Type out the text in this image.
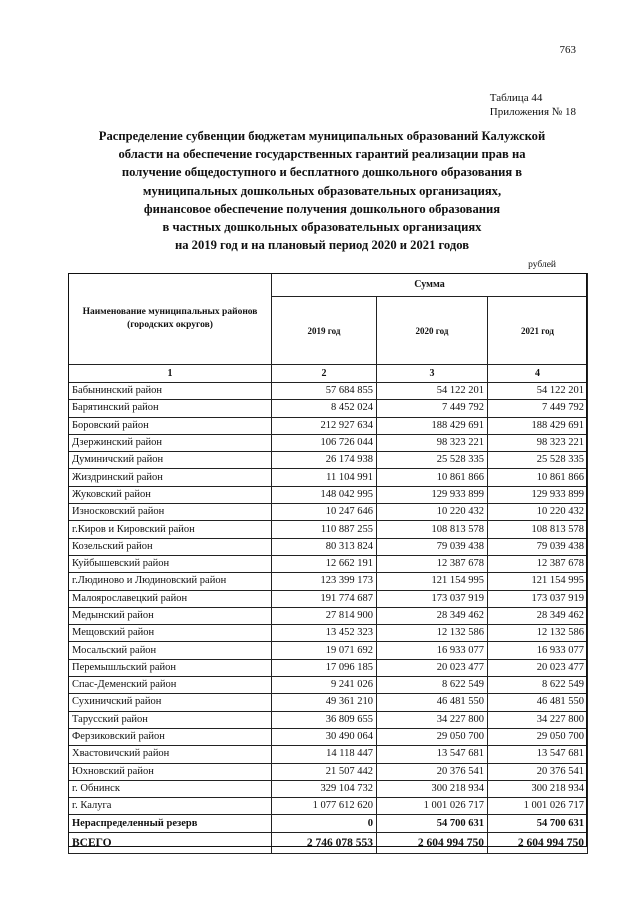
763
Таблица 44
Приложения № 18
Распределение субвенции бюджетам муниципальных образований Калужской
области на обеспечение государственных гарантий реализации прав на
получение общедоступного и бесплатного дошкольного образования в
муниципальных дошкольных образовательных организациях,
финансовое обеспечение получения дошкольного образования
в частных дошкольных образовательных организациях
на 2019 год и на плановый период 2020 и 2021 годов
рублей
Наименование муниципальных районов (городских округов)	Сумма		
	2019 год	2020 год	2021 год
1	2	3	4
Бабынинский район	57 684 855	54 122 201	54 122 201
Барятинский район	8 452 024	7 449 792	7 449 792
Боровский район	212 927 634	188 429 691	188 429 691
Дзержинский район	106 726 044	98 323 221	98 323 221
Думиничский район	26 174 938	25 528 335	25 528 335
Жиздринский район	11 104 991	10 861 866	10 861 866
Жуковский район	148 042 995	129 933 899	129 933 899
Износковский район	10 247 646	10 220 432	10 220 432
г.Киров и Кировский район	110 887 255	108 813 578	108 813 578
Козельский район	80 313 824	79 039 438	79 039 438
Куйбышевский район	12 662 191	12 387 678	12 387 678
г.Людиново и Людиновский район	123 399 173	121 154 995	121 154 995
Малоярославецкий район	191 774 687	173 037 919	173 037 919
Медынский район	27 814 900	28 349 462	28 349 462
Мещовский район	13 452 323	12 132 586	12 132 586
Мосальский район	19 071 692	16 933 077	16 933 077
Перемышльский район	17 096 185	20 023 477	20 023 477
Спас-Деменский район	9 241 026	8 622 549	8 622 549
Сухиничский район	49 361 210	46 481 550	46 481 550
Тарусский район	36 809 655	34 227 800	34 227 800
Ферзиковский район	30 490 064	29 050 700	29 050 700
Хвастовичский район	14 118 447	13 547 681	13 547 681
Юхновский район	21 507 442	20 376 541	20 376 541
г. Обнинск	329 104 732	300 218 934	300 218 934
г. Калуга	1 077 612 620	1 001 026 717	1 001 026 717
Нераспределенный резерв	0	54 700 631	54 700 631
ВСЕГО	2 746 078 553	2 604 994 750	2 604 994 750
